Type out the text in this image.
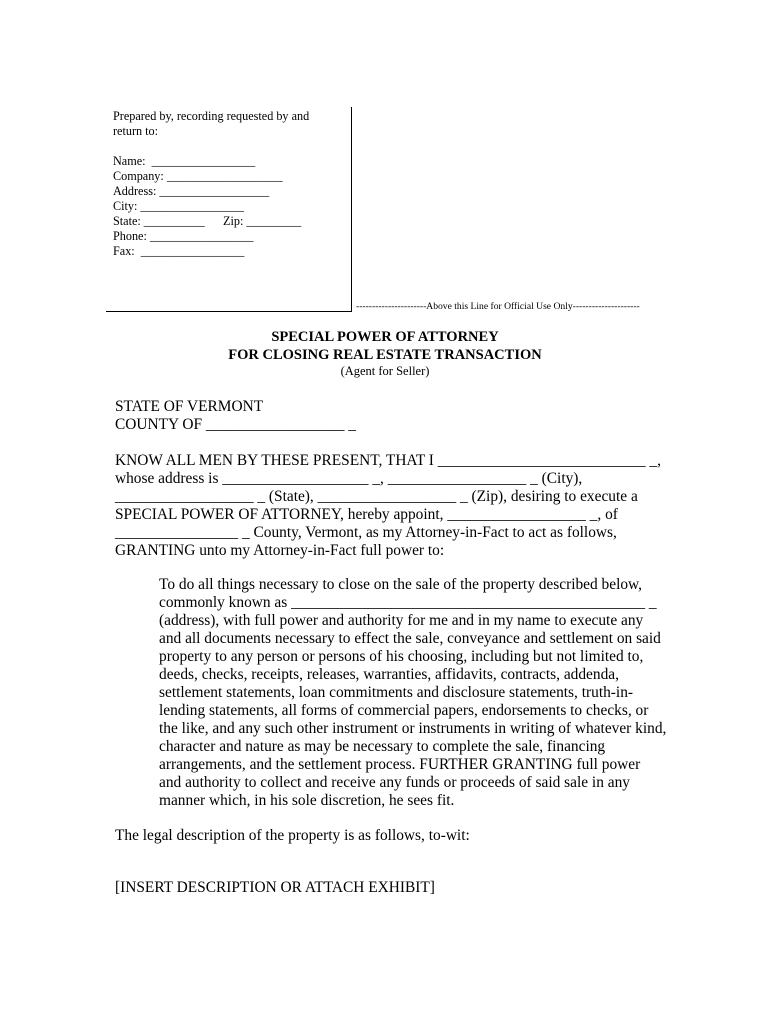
Prepared by, recording requested by and
return to:
Name:  _________________
Company: ___________________
Address: __________________
City: _________________
State: __________      Zip: _________
Phone: _________________
Fax:  _________________
----------------------Above this Line for Official Use Only---------------------
SPECIAL POWER OF ATTORNEY
FOR CLOSING REAL ESTATE TRANSACTION
(Agent for Seller)
STATE OF VERMONT
COUNTY OF __________________ _
KNOW ALL MEN BY THESE PRESENT, THAT I ___________________________ _,
whose address is ___________________ _, __________________ _ (City),
__________________ _ (State), __________________ _ (Zip), desiring to execute a
SPECIAL POWER OF ATTORNEY, hereby appoint, __________________ _, of
________________ _ County, Vermont, as my Attorney-in-Fact to act as follows,
GRANTING unto my Attorney-in-Fact full power to:
To do all things necessary to close on the sale of the property described below,
commonly known as ______________________________________________ _
(address), with full power and authority for me and in my name to execute any
and all documents necessary to effect the sale, conveyance and settlement on said
property to any person or persons of his choosing, including but not limited to,
deeds, checks, receipts, releases, warranties, affidavits, contracts, addenda,
settlement statements, loan commitments and disclosure statements, truth-in-
lending statements, all forms of commercial papers, endorsements to checks, or
the like, and any such other instrument or instruments in writing of whatever kind,
character and nature as may be necessary to complete the sale, financing
arrangements, and the settlement process. FURTHER GRANTING full power
and authority to collect and receive any funds or proceeds of said sale in any
manner which, in his sole discretion, he sees fit.
The legal description of the property is as follows, to-wit:
[INSERT DESCRIPTION OR ATTACH EXHIBIT]
